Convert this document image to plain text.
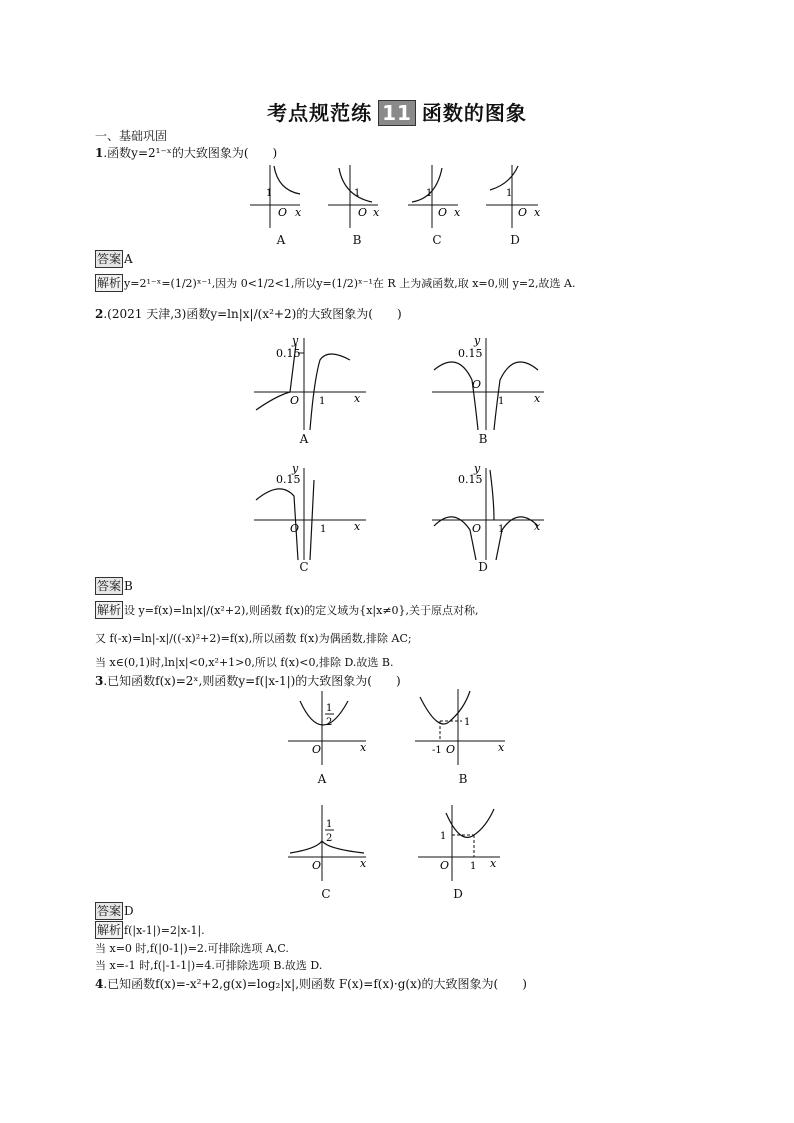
考点规范练 11 函数的图象
一、基础巩固
1.函数y=2¹⁻ˣ的大致图象为(　　)
1
O x
1
O x
1
O x
1
O x
A	B	C	D
答案 A
解析 y=2¹⁻ˣ=(1/2)ˣ⁻¹,因为 0<1/2<1,所以y=(1/2)ˣ⁻¹在 R 上为减函数,取 x=0,则 y=2,故选 A.
2.(2021 天津,3)函数y=ln|x|/(x²+2)的大致图象为(　　)
0.15
O 1	x
y
0.15
O
1	x
y
0.15
O 1	x
y
0.15
O 1	x
y
A	B
C	D
答案 B
解析 设 y=f(x)=ln|x|/(x²+2),则函数 f(x)的定义域为{x|x≠0},关于原点对称,
又 f(-x)=ln|-x|/((-x)²+2)=f(x),所以函数 f(x)为偶函数,排除 AC;
当 x∈(0,1)时,ln|x|<0,x²+1>0,所以 f(x)<0,排除 D.故选 B.
3.已知函数f(x)=2ˣ,则函数y=f(|x-1|)的大致图象为(　　)
1
2
O	x
1
-1 O	x
1
2
O	x
1
1
O	x
A	B
C	D
答案 D
解析 f(|x-1|)=2|x-1|.
当 x=0 时,f(|0-1|)=2.可排除选项 A,C.
当 x=-1 时,f(|-1-1|)=4.可排除选项 B.故选 D.
4.已知函数f(x)=-x²+2,g(x)=log₂|x|,则函数 F(x)=f(x)·g(x)的大致图象为(　　)
